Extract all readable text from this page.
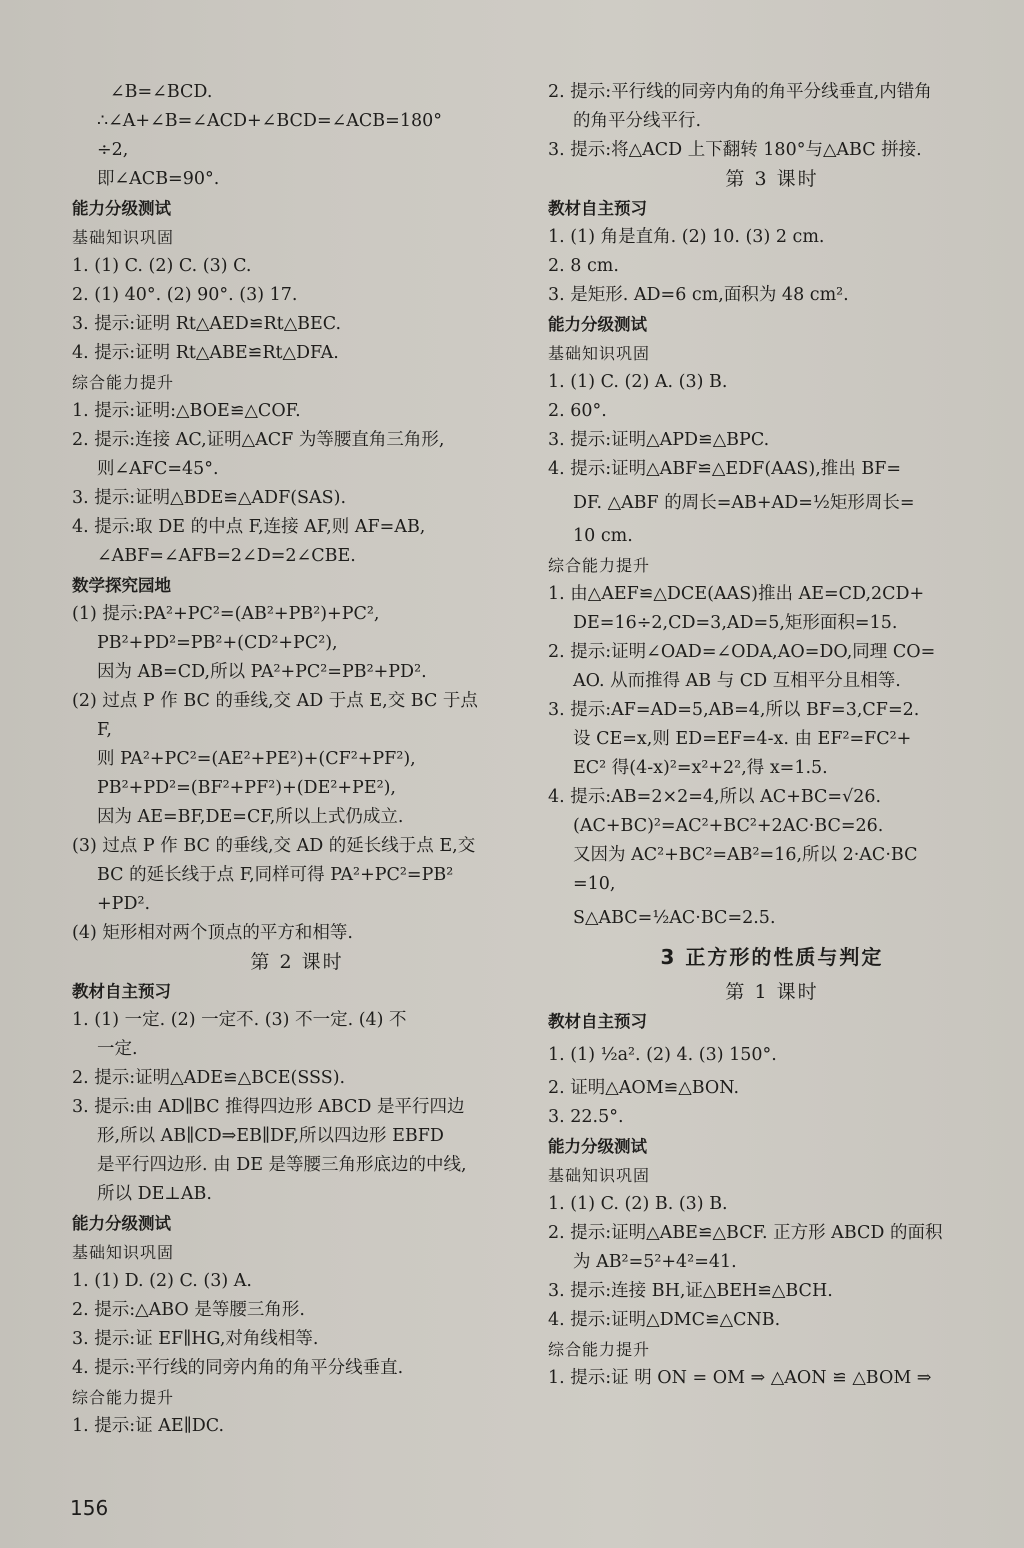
∠B=∠BCD.
∴∠A+∠B=∠ACD+∠BCD=∠ACB=180°
÷2,
即∠ACB=90°.
能力分级测试
基础知识巩固
1. (1) C. (2) C. (3) C.
2. (1) 40°. (2) 90°. (3) 17.
3. 提示:证明 Rt△AED≌Rt△BEC.
4. 提示:证明 Rt△ABE≌Rt△DFA.
综合能力提升
1. 提示:证明:△BOE≌△COF.
2. 提示:连接 AC,证明△ACF 为等腰直角三角形,
则∠AFC=45°.
3. 提示:证明△BDE≌△ADF(SAS).
4. 提示:取 DE 的中点 F,连接 AF,则 AF=AB,
∠ABF=∠AFB=2∠D=2∠CBE.
数学探究园地
(1) 提示:PA²+PC²=(AB²+PB²)+PC²,
PB²+PD²=PB²+(CD²+PC²),
因为 AB=CD,所以 PA²+PC²=PB²+PD².
(2) 过点 P 作 BC 的垂线,交 AD 于点 E,交 BC 于点
F,
则 PA²+PC²=(AE²+PE²)+(CF²+PF²),
PB²+PD²=(BF²+PF²)+(DE²+PE²),
因为 AE=BF,DE=CF,所以上式仍成立.
(3) 过点 P 作 BC 的垂线,交 AD 的延长线于点 E,交
BC 的延长线于点 F,同样可得 PA²+PC²=PB²
+PD².
(4) 矩形相对两个顶点的平方和相等.
第 2 课时
教材自主预习
1. (1) 一定. (2) 一定不. (3) 不一定. (4) 不
一定.
2. 提示:证明△ADE≌△BCE(SSS).
3. 提示:由 AD∥BC 推得四边形 ABCD 是平行四边
形,所以 AB∥CD⇒EB∥DF,所以四边形 EBFD
是平行四边形. 由 DE 是等腰三角形底边的中线,
所以 DE⊥AB.
能力分级测试
基础知识巩固
1. (1) D. (2) C. (3) A.
2. 提示:△ABO 是等腰三角形.
3. 提示:证 EF∥HG,对角线相等.
4. 提示:平行线的同旁内角的角平分线垂直.
综合能力提升
1. 提示:证 AE∥DC.
2. 提示:平行线的同旁内角的角平分线垂直,内错角
的角平分线平行.
3. 提示:将△ACD 上下翻转 180°与△ABC 拼接.
第 3 课时
教材自主预习
1. (1) 角是直角. (2) 10. (3) 2 cm.
2. 8 cm.
3. 是矩形. AD=6 cm,面积为 48 cm².
能力分级测试
基础知识巩固
1. (1) C. (2) A. (3) B.
2. 60°.
3. 提示:证明△APD≌△BPC.
4. 提示:证明△ABF≌△EDF(AAS),推出 BF=
DF. △ABF 的周长=AB+AD=½矩形周长=
10 cm.
综合能力提升
1. 由△AEF≌△DCE(AAS)推出 AE=CD,2CD+
DE=16÷2,CD=3,AD=5,矩形面积=15.
2. 提示:证明∠OAD=∠ODA,AO=DO,同理 CO=
AO. 从而推得 AB 与 CD 互相平分且相等.
3. 提示:AF=AD=5,AB=4,所以 BF=3,CF=2.
设 CE=x,则 ED=EF=4-x. 由 EF²=FC²+
EC² 得(4-x)²=x²+2²,得 x=1.5.
4. 提示:AB=2×2=4,所以 AC+BC=√26.
(AC+BC)²=AC²+BC²+2AC·BC=26.
又因为 AC²+BC²=AB²=16,所以 2·AC·BC
=10,
S△ABC=½AC·BC=2.5.
3 正方形的性质与判定
第 1 课时
教材自主预习
1. (1) ½a². (2) 4. (3) 150°.
2. 证明△AOM≌△BON.
3. 22.5°.
能力分级测试
基础知识巩固
1. (1) C. (2) B. (3) B.
2. 提示:证明△ABE≌△BCF. 正方形 ABCD 的面积
为 AB²=5²+4²=41.
3. 提示:连接 BH,证△BEH≌△BCH.
4. 提示:证明△DMC≌△CNB.
综合能力提升
1. 提示:证 明 ON = OM ⇒ △AON ≌ △BOM ⇒
156
